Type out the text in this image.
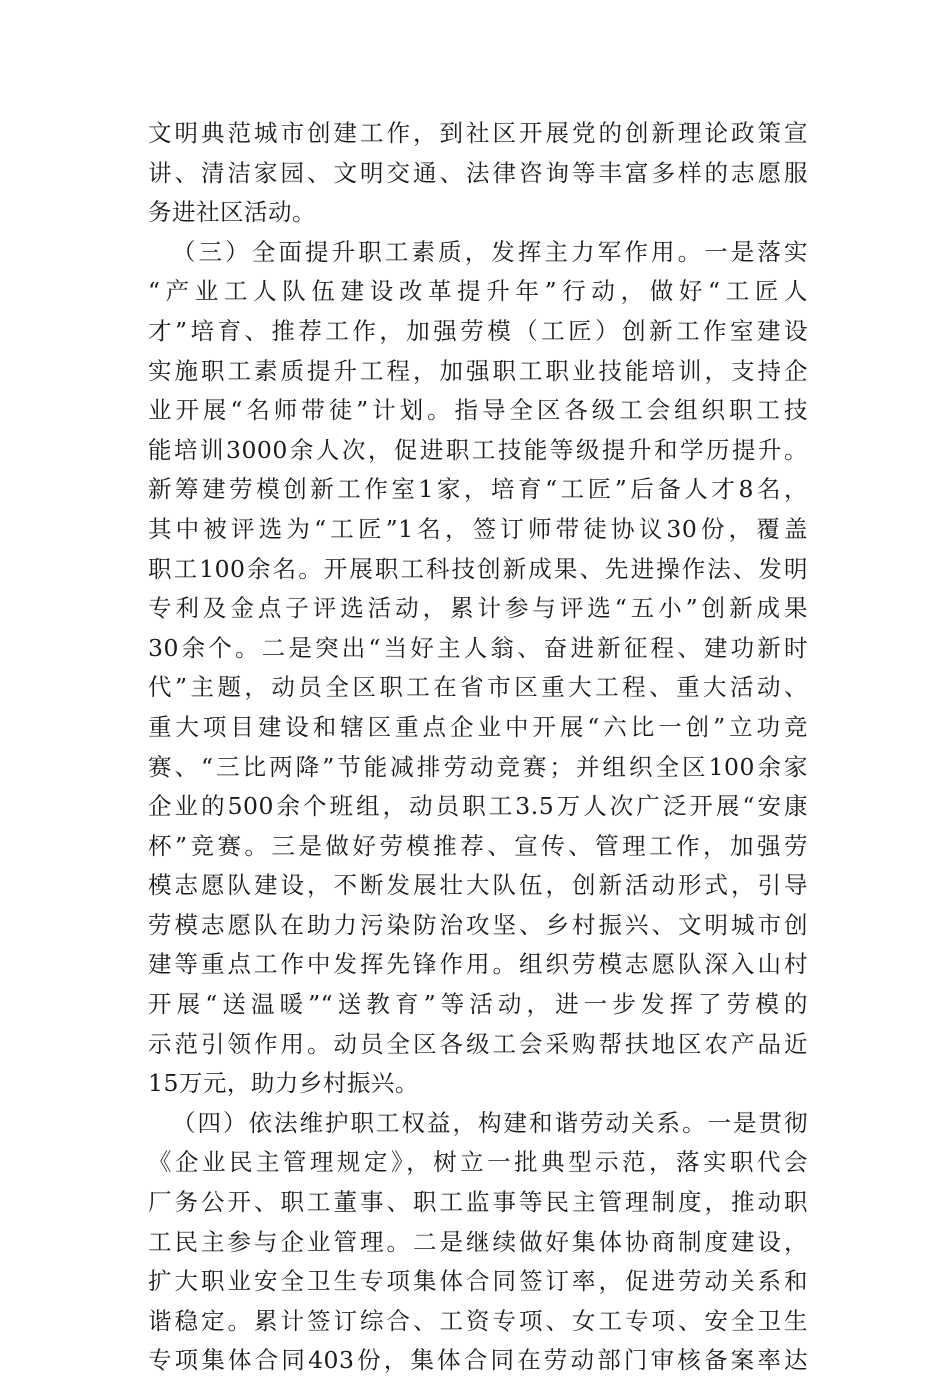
文明典范城市创建工作，到社区开展党的创新理论政策宣
讲、清洁家园、文明交通、法律咨询等丰富多样的志愿服
务进社区活动。
（三）全面提升职工素质，发挥主力军作用。一是落实
“产业工人队伍建设改革提升年”行动，做好“工匠人
才”培育、推荐工作，加强劳模（工匠）创新工作室建设
实施职工素质提升工程，加强职工职业技能培训，支持企
业开展“名师带徒”计划。指导全区各级工会组织职工技
能培训3000余人次，促进职工技能等级提升和学历提升。
新筹建劳模创新工作室1家，培育“工匠”后备人才8名，
其中被评选为“工匠”1名，签订师带徒协议30份，覆盖
职工100余名。开展职工科技创新成果、先进操作法、发明
专利及金点子评选活动，累计参与评选“五小”创新成果
30余个。二是突出“当好主人翁、奋进新征程、建功新时
代”主题，动员全区职工在省市区重大工程、重大活动、
重大项目建设和辖区重点企业中开展“六比一创”立功竞
赛、“三比两降”节能减排劳动竞赛；并组织全区100余家
企业的500余个班组，动员职工3.5万人次广泛开展“安康
杯”竞赛。三是做好劳模推荐、宣传、管理工作，加强劳
模志愿队建设，不断发展壮大队伍，创新活动形式，引导
劳模志愿队在助力污染防治攻坚、乡村振兴、文明城市创
建等重点工作中发挥先锋作用。组织劳模志愿队深入山村
开展“送温暖”“送教育”等活动，进一步发挥了劳模的
示范引领作用。动员全区各级工会采购帮扶地区农产品近
15万元，助力乡村振兴。
（四）依法维护职工权益，构建和谐劳动关系。一是贯彻
《企业民主管理规定》，树立一批典型示范，落实职代会
厂务公开、职工董事、职工监事等民主管理制度，推动职
工民主参与企业管理。二是继续做好集体协商制度建设，
扩大职业安全卫生专项集体合同签订率，促进劳动关系和
谐稳定。累计签订综合、工资专项、女工专项、安全卫生
专项集体合同403份，集体合同在劳动部门审核备案率达
